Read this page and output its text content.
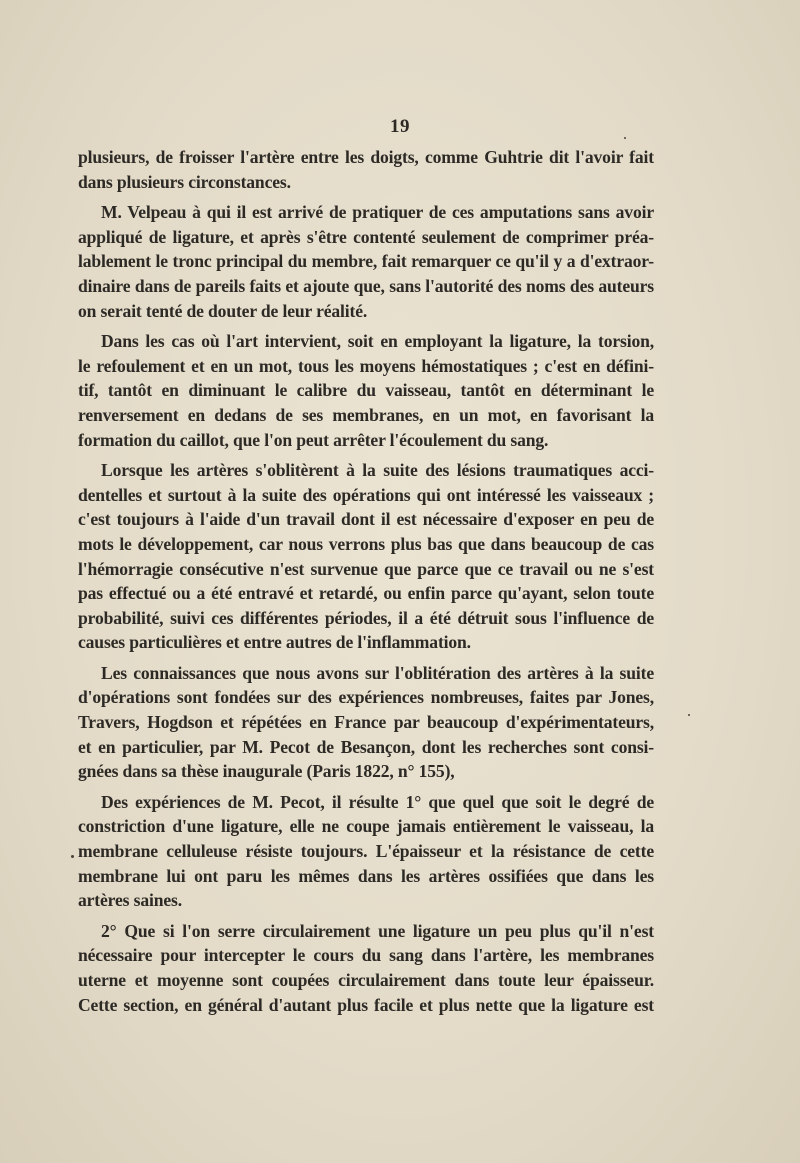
19
plusieurs, de froisser l'artère entre les doigts, comme Guhtrie dit l'avoir fait
dans plusieurs circonstances.
M. Velpeau à qui il est arrivé de pratiquer de ces amputations sans avoir
appliqué de ligature, et après s'être contenté seulement de comprimer préa-
lablement le tronc principal du membre, fait remarquer ce qu'il y a d'extraor-
dinaire dans de pareils faits et ajoute que, sans l'autorité des noms des auteurs
on serait tenté de douter de leur réalité.
Dans les cas où l'art intervient, soit en employant la ligature, la torsion,
le refoulement et en un mot, tous les moyens hémostatiques ; c'est en défini-
tif, tantôt en diminuant le calibre du vaisseau, tantôt en déterminant le
renversement en dedans de ses membranes, en un mot, en favorisant la
formation du caillot, que l'on peut arrêter l'écoulement du sang.
Lorsque les artères s'oblitèrent à la suite des lésions traumatiques acci-
dentelles et surtout à la suite des opérations qui ont intéressé les vaisseaux ;
c'est toujours à l'aide d'un travail dont il est nécessaire d'exposer en peu de
mots le développement, car nous verrons plus bas que dans beaucoup de cas
l'hémorragie consécutive n'est survenue que parce que ce travail ou ne s'est
pas effectué ou a été entravé et retardé, ou enfin parce qu'ayant, selon toute
probabilité, suivi ces différentes périodes, il a été détruit sous l'influence de
causes particulières et entre autres de l'inflammation.
Les connaissances que nous avons sur l'oblitération des artères à la suite
d'opérations sont fondées sur des expériences nombreuses, faites par Jones,
Travers, Hogdson et répétées en France par beaucoup d'expérimentateurs,
et en particulier, par M. Pecot de Besançon, dont les recherches sont consi-
gnées dans sa thèse inaugurale (Paris 1822, n° 155),
Des expériences de M. Pecot, il résulte 1° que quel que soit le degré de
constriction d'une ligature, elle ne coupe jamais entièrement le vaisseau, la
membrane celluleuse résiste toujours. L'épaisseur et la résistance de cette
membrane lui ont paru les mêmes dans les artères ossifiées que dans les
artères saines.
2° Que si l'on serre circulairement une ligature un peu plus qu'il n'est
nécessaire pour intercepter le cours du sang dans l'artère, les membranes
uterne et moyenne sont coupées circulairement dans toute leur épaisseur.
Cette section, en général d'autant plus facile et plus nette que la ligature est
